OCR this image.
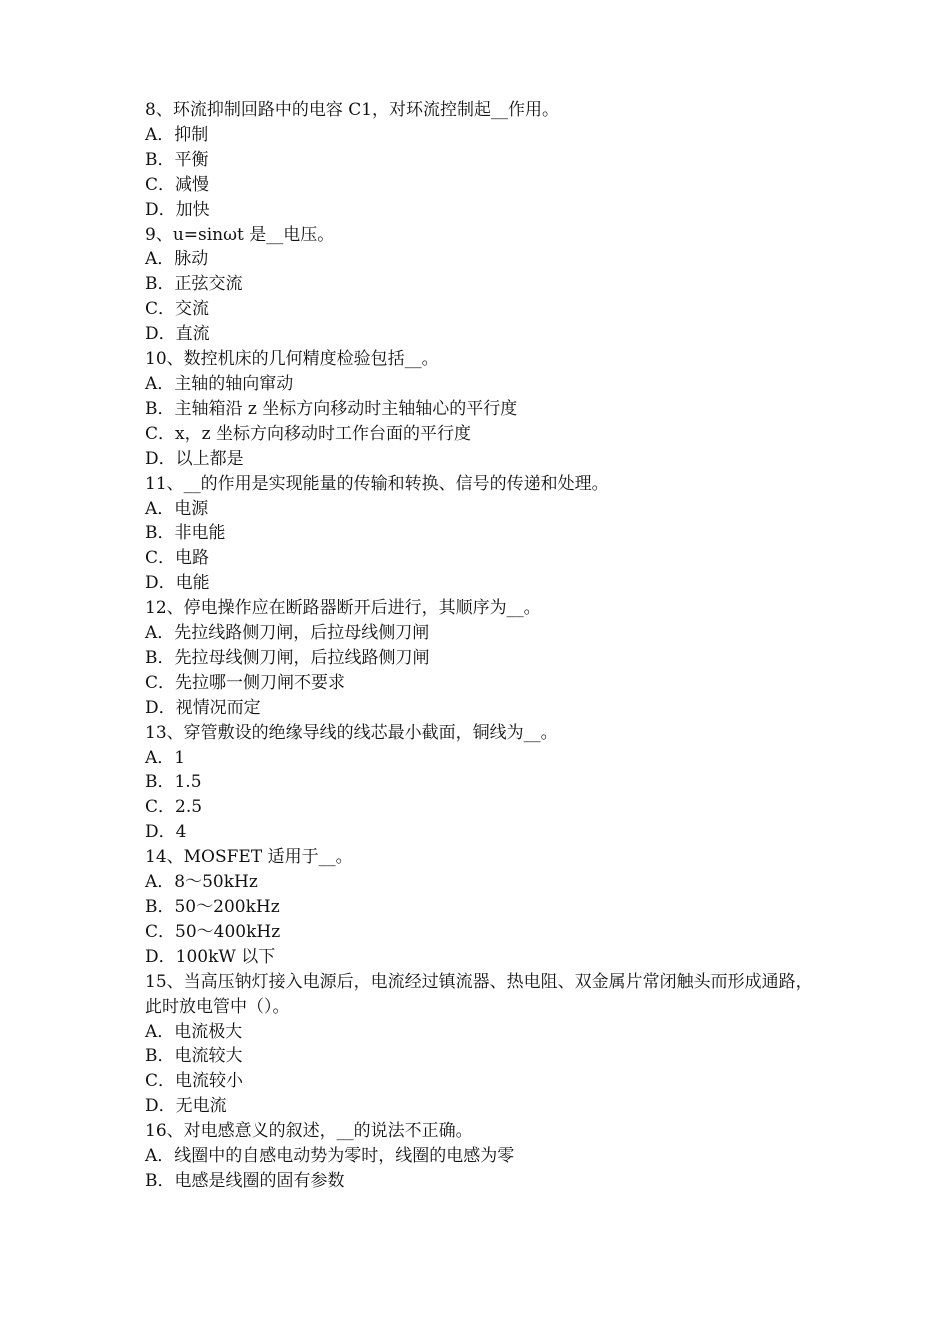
8、环流抑制回路中的电容 C1，对环流控制起__作用。
A．抑制
B．平衡
C．减慢
D．加快
9、u=sinωt 是__电压。
A．脉动
B．正弦交流
C．交流
D．直流
10、数控机床的几何精度检验包括__。
A．主轴的轴向窜动
B．主轴箱沿 z 坐标方向移动时主轴轴心的平行度
C．x，z 坐标方向移动时工作台面的平行度
D．以上都是
11、__的作用是实现能量的传输和转换、信号的传递和处理。
A．电源
B．非电能
C．电路
D．电能
12、停电操作应在断路器断开后进行，其顺序为__。
A．先拉线路侧刀闸，后拉母线侧刀闸
B．先拉母线侧刀闸，后拉线路侧刀闸
C．先拉哪一侧刀闸不要求
D．视情况而定
13、穿管敷设的绝缘导线的线芯最小截面，铜线为__。
A．1
B．1.5
C．2.5
D．4
14、MOSFET 适用于__。
A．8～50kHz
B．50～200kHz
C．50～400kHz
D．100kW 以下
15、当高压钠灯接入电源后，电流经过镇流器、热电阻、双金属片常闭触头而形成通路，此时放电管中（）。
A．电流极大
B．电流较大
C．电流较小
D．无电流
16、对电感意义的叙述，__的说法不正确。
A．线圈中的自感电动势为零时，线圈的电感为零
B．电感是线圈的固有参数
